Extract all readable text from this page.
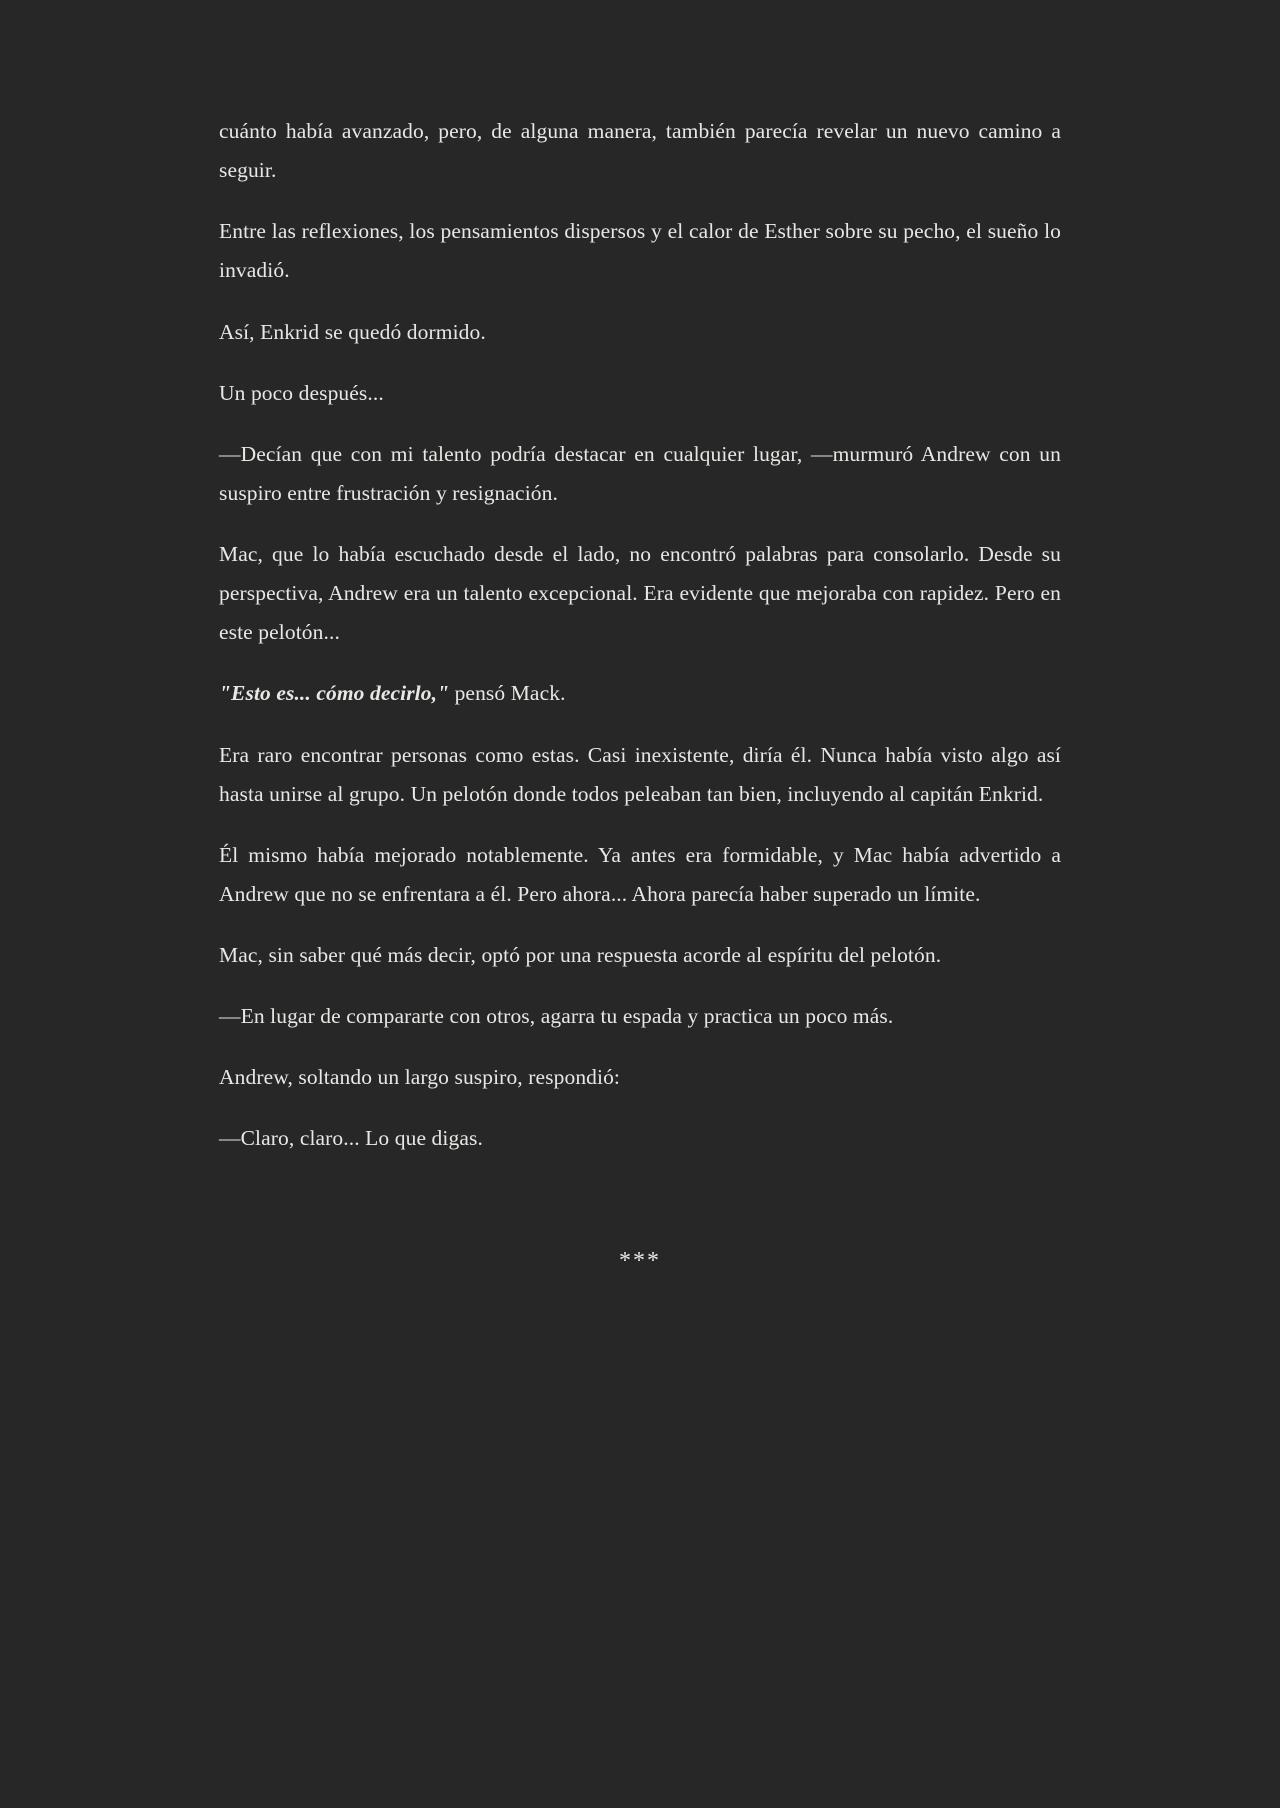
cuánto había avanzado, pero, de alguna manera, también parecía revelar un nuevo camino a seguir.

Entre las reflexiones, los pensamientos dispersos y el calor de Esther sobre su pecho, el sueño lo invadió.

Así, Enkrid se quedó dormido.

Un poco después...

—Decían que con mi talento podría destacar en cualquier lugar, —murmuró Andrew con un suspiro entre frustración y resignación.

Mac, que lo había escuchado desde el lado, no encontró palabras para consolarlo. Desde su perspectiva, Andrew era un talento excepcional. Era evidente que mejoraba con rapidez. Pero en este pelotón...

"Esto es... cómo decirlo," pensó Mack.

Era raro encontrar personas como estas. Casi inexistente, diría él. Nunca había visto algo así hasta unirse al grupo. Un pelotón donde todos peleaban tan bien, incluyendo al capitán Enkrid.

Él mismo había mejorado notablemente. Ya antes era formidable, y Mac había advertido a Andrew que no se enfrentara a él. Pero ahora... Ahora parecía haber superado un límite.

Mac, sin saber qué más decir, optó por una respuesta acorde al espíritu del pelotón.

—En lugar de compararte con otros, agarra tu espada y practica un poco más.

Andrew, soltando un largo suspiro, respondió:

—Claro, claro... Lo que digas.

***
